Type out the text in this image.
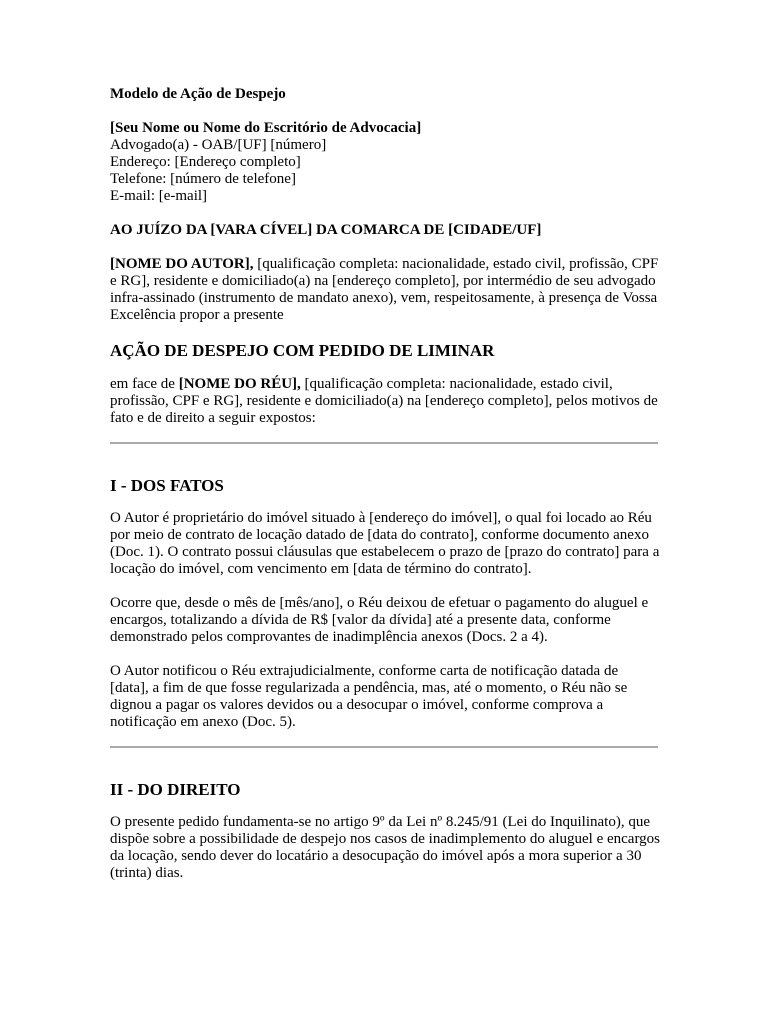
Modelo de Ação de Despejo

[Seu Nome ou Nome do Escritório de Advocacia]

Advogado(a) - OAB/[UF] [número]

Endereço: [Endereço completo]

Telefone: [número de telefone]

E-mail: [e-mail]

AO JUÍZO DA [VARA CÍVEL] DA COMARCA DE [CIDADE/UF]

[NOME DO AUTOR], [qualificação completa: nacionalidade, estado civil, profissão, CPF e RG], residente e domiciliado(a) na [endereço completo], por intermédio de seu advogado infra-assinado (instrumento de mandato anexo), vem, respeitosamente, à presença de Vossa Excelência propor a presente

AÇÃO DE DESPEJO COM PEDIDO DE LIMINAR

em face de [NOME DO RÉU], [qualificação completa: nacionalidade, estado civil, profissão, CPF e RG], residente e domiciliado(a) na [endereço completo], pelos motivos de fato e de direito a seguir expostos:

I - DOS FATOS

O Autor é proprietário do imóvel situado à [endereço do imóvel], o qual foi locado ao Réu por meio de contrato de locação datado de [data do contrato], conforme documento anexo (Doc. 1). O contrato possui cláusulas que estabelecem o prazo de [prazo do contrato] para a locação do imóvel, com vencimento em [data de término do contrato].

Ocorre que, desde o mês de [mês/ano], o Réu deixou de efetuar o pagamento do aluguel e encargos, totalizando a dívida de R$ [valor da dívida] até a presente data, conforme demonstrado pelos comprovantes de inadimplência anexos (Docs. 2 a 4).

O Autor notificou o Réu extrajudicialmente, conforme carta de notificação datada de [data], a fim de que fosse regularizada a pendência, mas, até o momento, o Réu não se dignou a pagar os valores devidos ou a desocupar o imóvel, conforme comprova a notificação em anexo (Doc. 5).

II - DO DIREITO

O presente pedido fundamenta-se no artigo 9º da Lei nº 8.245/91 (Lei do Inquilinato), que dispõe sobre a possibilidade de despejo nos casos de inadimplemento do aluguel e encargos da locação, sendo dever do locatário a desocupação do imóvel após a mora superior a 30 (trinta) dias.
